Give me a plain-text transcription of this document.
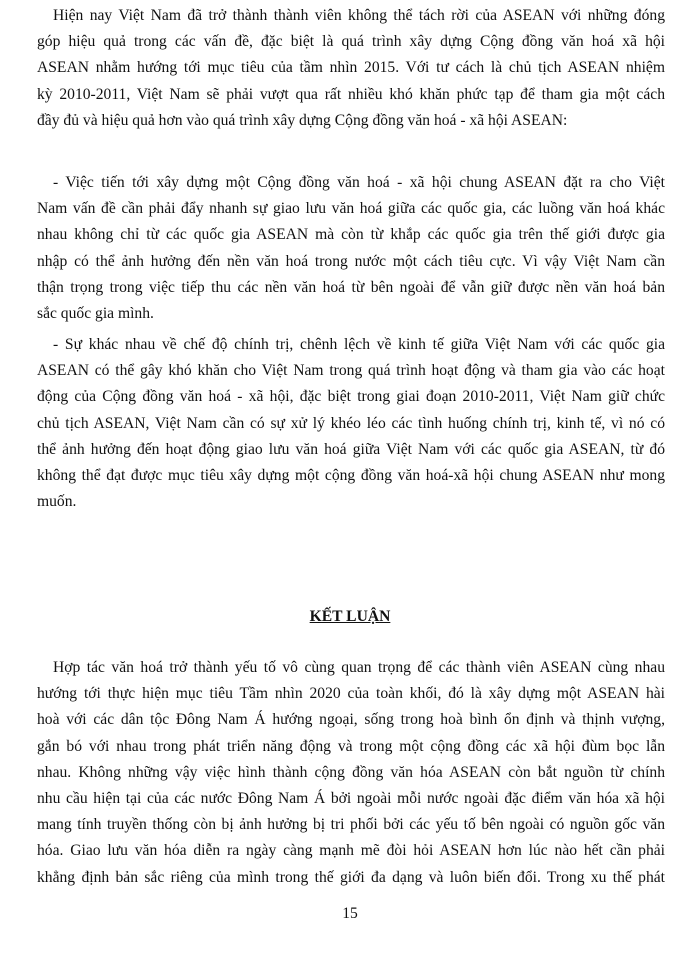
Hiện nay Việt Nam đã trở thành thành viên không thể tách rời của ASEAN với những đóng
góp hiệu quả trong các vấn đề, đặc biệt là quá trình xây dựng Cộng đồng văn hoá xã hội
ASEAN nhằm hướng tới mục tiêu của tầm nhìn 2015. Với tư cách là chủ tịch ASEAN nhiệm
kỳ 2010-2011, Việt Nam sẽ phải vượt qua rất nhiều khó khăn phức tạp để tham gia một cách
đầy đủ và hiệu quả hơn vào quá trình xây dựng Cộng đồng văn hoá - xã hội ASEAN:
- Việc tiến tới xây dựng một Cộng đồng văn hoá - xã hội chung ASEAN đặt ra cho Việt
Nam vấn đề cần phải đẩy nhanh sự giao lưu văn hoá giữa các quốc gia, các luồng văn hoá khác
nhau không chỉ từ các quốc gia ASEAN mà còn từ khắp các quốc gia trên thế giới được gia
nhập có thể ảnh hưởng đến nền văn hoá trong nước một cách tiêu cực. Vì vậy Việt Nam cần
thận trọng trong việc tiếp thu các nền văn hoá từ bên ngoài để vẫn giữ được nền văn hoá bản
sắc quốc gia mình.
- Sự khác nhau về chế độ chính trị, chênh lệch về kinh tế giữa Việt Nam với các quốc gia
ASEAN có thể gây khó khăn cho Việt Nam trong quá trình hoạt động và tham gia vào các hoạt
động của Cộng đồng văn hoá - xã hội, đặc biệt trong giai đoạn 2010-2011, Việt Nam giữ chức
chủ tịch ASEAN, Việt Nam cần có sự xử lý khéo léo các tình huống chính trị, kinh tế, vì nó có
thể ảnh hưởng đến hoạt động giao lưu văn hoá giữa Việt Nam với các quốc gia ASEAN, từ đó
không thể đạt được mục tiêu xây dựng một cộng đồng văn hoá-xã hội chung ASEAN như mong
muốn.
KẾT LUẬN
Hợp tác văn hoá trở thành yếu tố vô cùng quan trọng để các thành viên ASEAN cùng nhau
hướng tới thực hiện mục tiêu Tầm nhìn 2020 của toàn khối, đó là xây dựng một ASEAN hài
hoà với các dân tộc Đông Nam Á hướng ngoại, sống trong hoà bình ổn định và thịnh vượng,
gắn bó với nhau trong phát triển năng động và trong một cộng đồng các xã hội đùm bọc lẫn
nhau. Không những vậy việc hình thành cộng đồng văn hóa ASEAN còn bắt nguồn từ chính
nhu cầu hiện tại của các nước Đông Nam Á bởi ngoài mỗi nước ngoài đặc điểm văn hóa xã hội
mang tính truyền thống còn bị ảnh hưởng bị tri phối bởi các yếu tố bên ngoài có nguồn gốc văn
hóa. Giao lưu văn hóa diễn ra ngày càng mạnh mẽ đòi hỏi ASEAN hơn lúc nào hết cần phải
khẳng định bản sắc riêng của mình trong thế giới đa dạng và luôn biến đổi. Trong xu thế phát
15
